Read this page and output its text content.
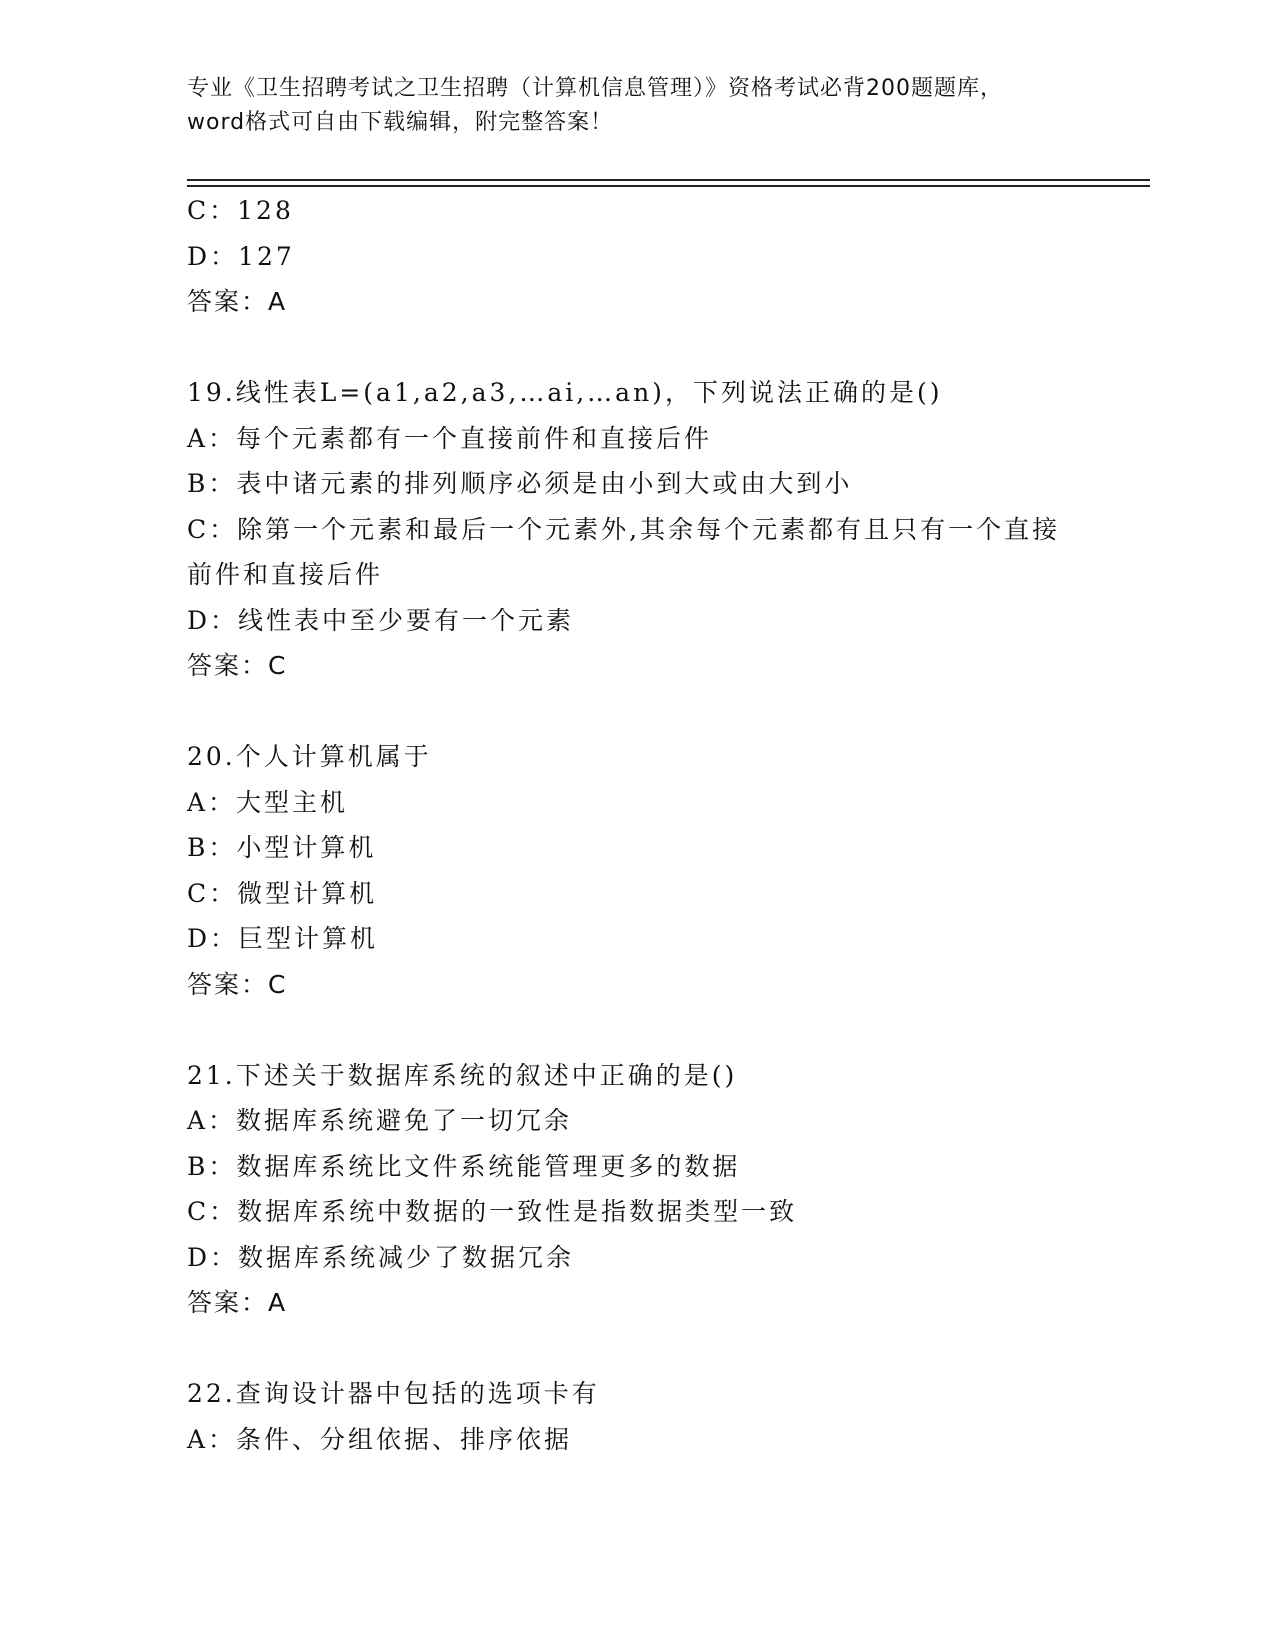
专业《卫生招聘考试之卫生招聘（计算机信息管理）》资格考试必背200题题库，
word格式可自由下载编辑，附完整答案！
C：128
D：127
答案：A
19.线性表L=(a1,a2,a3,…ai,…an)，下列说法正确的是()
A：每个元素都有一个直接前件和直接后件
B：表中诸元素的排列顺序必须是由小到大或由大到小
C：除第一个元素和最后一个元素外,其余每个元素都有且只有一个直接前件和直接后件
D：线性表中至少要有一个元素
答案：C
20.个人计算机属于
A：大型主机
B：小型计算机
C：微型计算机
D：巨型计算机
答案：C
21.下述关于数据库系统的叙述中正确的是()
A：数据库系统避免了一切冗余
B：数据库系统比文件系统能管理更多的数据
C：数据库系统中数据的一致性是指数据类型一致
D：数据库系统减少了数据冗余
答案：A
22.查询设计器中包括的选项卡有
A：条件、分组依据、排序依据
